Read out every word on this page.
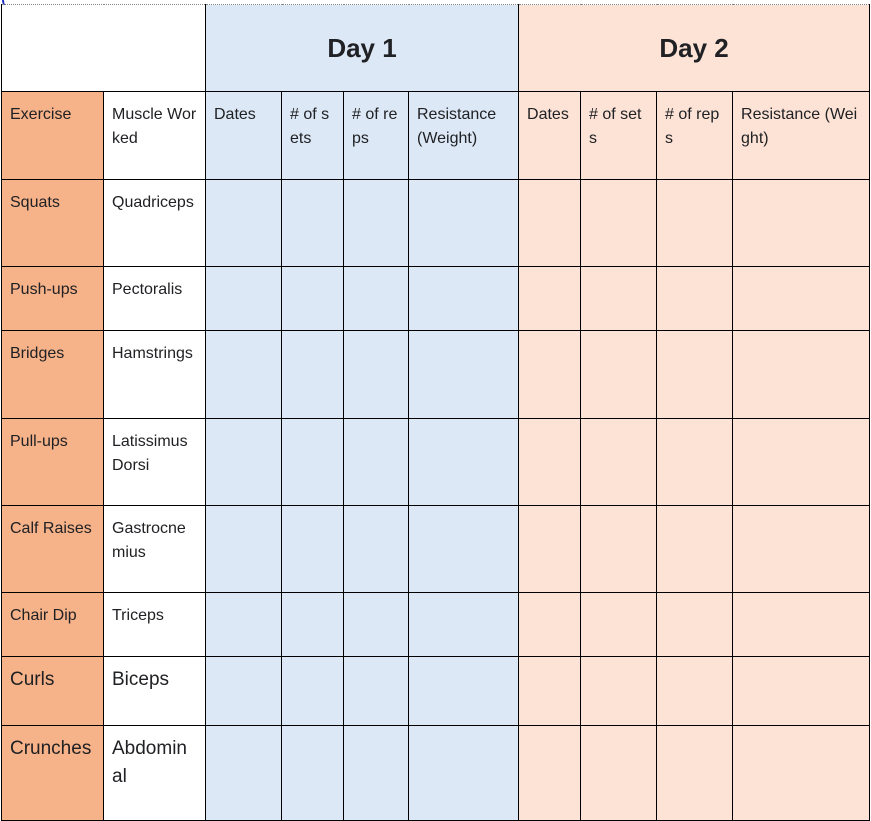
		Day 1				Day 2			
Exercise	Muscle Worked	Dates	# of sets	# of reps	Resistance (Weight)	Dates	# of sets	# of reps	Resistance (Weight)
Squats	Quadriceps								
Push-ups	Pectoralis								
Bridges	Hamstrings								
Pull-ups	Latissimus Dorsi								
Calf Raises	Gastrocnemius								
Chair Dip	Triceps								
Curls	Biceps								
Crunches	Abdominal								
